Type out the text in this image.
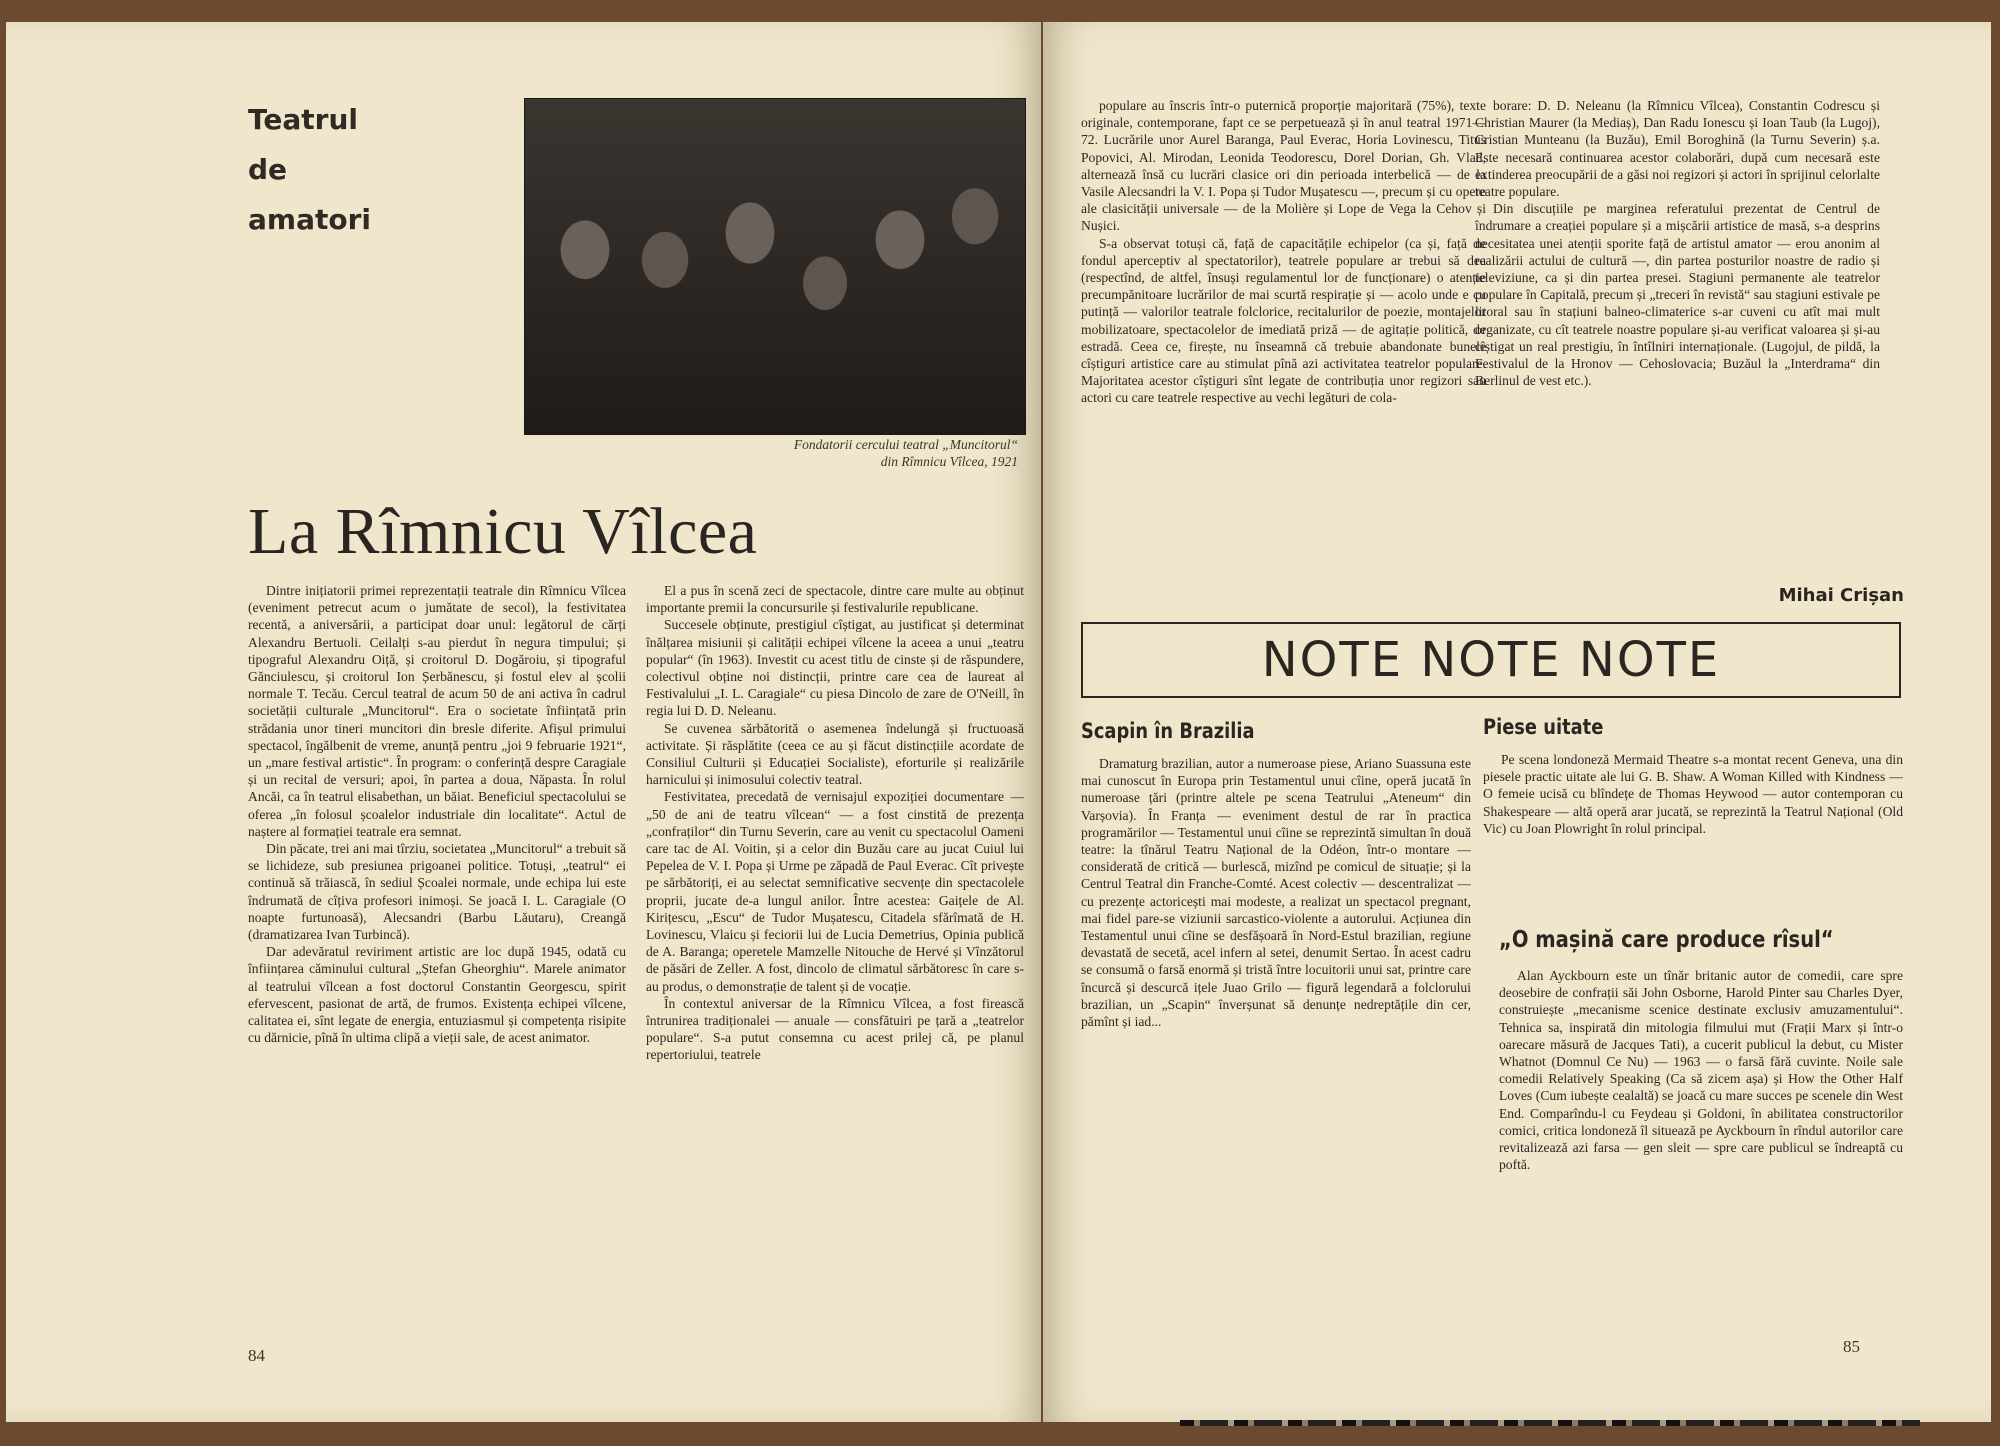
Teatrul
de
amatori
Fondatorii cercului teatral „Muncitorul“
din Rîmnicu Vîlcea, 1921
La Rîmnicu Vîlcea

Dintre inițiatorii primei reprezentații teatrale din Rîmnicu Vîlcea (eveniment petrecut acum o jumătate de secol), la festivitatea recentă, a aniversării, a participat doar unul: legătorul de cărți Alexandru Bertuoli. Ceilalți s-au pierdut în negura timpului; și tipograful Alexandru Oiță, și croitorul D. Dogăroiu, și tipograful Gănciulescu, și croitorul Ion Șerbănescu, și fostul elev al școlii normale T. Tecău. Cercul teatral de acum 50 de ani activa în cadrul societății culturale „Muncitorul“. Era o societate înființată prin strădania unor tineri muncitori din bresle diferite. Afișul primului spectacol, îngălbenit de vreme, anunță pentru „joi 9 februarie 1921“, un „mare festival artistic“. În program: o conferință despre Caragiale și un recital de versuri; apoi, în partea a doua, Năpasta. În rolul Ancăi, ca în teatrul elisabethan, un băiat. Beneficiul spectacolului se oferea „în folosul școalelor industriale din localitate“. Actul de naștere al formației teatrale era semnat.

Din păcate, trei ani mai tîrziu, societatea „Muncitorul“ a trebuit să se lichideze, sub presiunea prigoanei politice. Totuși, „teatrul“ ei continuă să trăiască, în sediul Școalei normale, unde echipa lui este îndrumată de cîțiva profesori inimoși. Se joacă I. L. Caragiale (O noapte furtunoasă), Alecsandri (Barbu Lăutaru), Creangă (dramatizarea Ivan Turbincă).

Dar adevăratul reviriment artistic are loc după 1945, odată cu înființarea căminului cultural „Ștefan Gheorghiu“. Marele animator al teatrului vîlcean a fost doctorul Constantin Georgescu, spirit efervescent, pasionat de artă, de frumos. Existența echipei vîlcene, calitatea ei, sînt legate de energia, entuziasmul și competența risipite cu dărnicie, pînă în ultima clipă a vieții sale, de acest animator.

El a pus în scenă zeci de spectacole, dintre care multe au obținut importante premii la concursurile și festivalurile republicane.

Succesele obținute, prestigiul cîștigat, au justificat și determinat înălțarea misiunii și calității echipei vîlcene la aceea a unui „teatru popular“ (în 1963). Investit cu acest titlu de cinste și de răspundere, colectivul obține noi distincții, printre care cea de laureat al Festivalului „I. L. Caragiale“ cu piesa Dincolo de zare de O'Neill, în regia lui D. D. Neleanu.

Se cuvenea sărbătorită o asemenea îndelungă și fructuoasă activitate. Și răsplătite (ceea ce au și făcut distincțiile acordate de Consiliul Culturii și Educației Socialiste), eforturile și realizările harnicului și inimosului colectiv teatral.

Festivitatea, precedată de vernisajul expoziției documentare — „50 de ani de teatru vîlcean“ — a fost cinstită de prezența „confraților“ din Turnu Severin, care au venit cu spectacolul Oameni care tac de Al. Voitin, și a celor din Buzău care au jucat Cuiul lui Pepelea de V. I. Popa și Urme pe zăpadă de Paul Everac. Cît privește pe sărbătoriți, ei au selectat semnificative secvențe din spectacolele proprii, jucate de-a lungul anilor. Între acestea: Gaițele de Al. Kirițescu, „Escu“ de Tudor Mușatescu, Citadela sfărîmată de H. Lovinescu, Vlaicu și feciorii lui de Lucia Demetrius, Opinia publică de A. Baranga; operetele Mamzelle Nitouche de Hervé și Vînzătorul de păsări de Zeller. A fost, dincolo de climatul sărbătoresc în care s-au produs, o demonstrație de talent și de vocație.

În contextul aniversar de la Rîmnicu Vîlcea, a fost firească întrunirea tradiționalei — anuale — consfătuiri pe țară a „teatrelor populare“. S-a putut consemna cu acest prilej că, pe planul repertoriului, teatrele

84

populare au înscris într-o puternică proporție majoritară (75%), texte originale, contemporane, fapt ce se perpetuează și în anul teatral 1971—72. Lucrările unor Aurel Baranga, Paul Everac, Horia Lovinescu, Titus Popovici, Al. Mirodan, Leonida Teodorescu, Dorel Dorian, Gh. Vlad, alternează însă cu lucrări clasice ori din perioada interbelică — de la Vasile Alecsandri la V. I. Popa și Tudor Mușatescu —, precum și cu opere ale clasicității universale — de la Molière și Lope de Vega la Cehov și Nușici.

S-a observat totuși că, față de capacitățile echipelor (ca și, față de fondul aperceptiv al spectatorilor), teatrele populare ar trebui să dea (respectînd, de altfel, însuși regulamentul lor de funcționare) o atenție precumpănitoare lucrărilor de mai scurtă respirație și — acolo unde e cu putință — valorilor teatrale folclorice, recitalurilor de poezie, montajelor mobilizatoare, spectacolelor de imediată priză — de agitație politică, de estradă. Ceea ce, firește, nu înseamnă că trebuie abandonate bunele cîștiguri artistice care au stimulat pînă azi activitatea teatrelor populare. Majoritatea acestor cîștiguri sînt legate de contribuția unor regizori sau actori cu care teatrele respective au vechi legături de cola-

borare: D. D. Neleanu (la Rîmnicu Vîlcea), Constantin Codrescu și Christian Maurer (la Mediaș), Dan Radu Ionescu și Ioan Taub (la Lugoj), Cristian Munteanu (la Buzău), Emil Boroghină (la Turnu Severin) ș.a. Este necesară continuarea acestor colaborări, după cum necesară este extinderea preocupării de a găsi noi regizori și actori în sprijinul celorlalte teatre populare.

Din discuțiile pe marginea referatului prezentat de Centrul de îndrumare a creației populare și a mișcării artistice de masă, s-a desprins necesitatea unei atenții sporite față de artistul amator — erou anonim al realizării actului de cultură —, din partea posturilor noastre de radio și televiziune, ca și din partea presei. Stagiuni permanente ale teatrelor populare în Capitală, precum și „treceri în revistă“ sau stagiuni estivale pe litoral sau în stațiuni balneo-climaterice s-ar cuveni cu atît mai mult organizate, cu cît teatrele noastre populare și-au verificat valoarea și și-au cîștigat un real prestigiu, în întîlniri internaționale. (Lugojul, de pildă, la Festivalul de la Hronov — Cehoslovacia; Buzăul la „Interdrama“ din Berlinul de vest etc.).

Mihai Crișan
NOTE NOTE NOTE
Scapin în Brazilia

Dramaturg brazilian, autor a numeroase piese, Ariano Suassuna este mai cunoscut în Europa prin Testamentul unui cîine, operă jucată în numeroase țări (printre altele pe scena Teatrului „Ateneum“ din Varșovia). În Franța — eveniment destul de rar în practica programărilor — Testamentul unui cîine se reprezintă simultan în două teatre: la tînărul Teatru Național de la Odéon, într-o montare — considerată de critică — burlescă, mizînd pe comicul de situație; și la Centrul Teatral din Franche-Comté. Acest colectiv — descentralizat — cu prezențe actoricești mai modeste, a realizat un spectacol pregnant, mai fidel pare-se viziunii sarcastico-violente a autorului. Acțiunea din Testamentul unui cîine se desfășoară în Nord-Estul brazilian, regiune devastată de secetă, acel infern al setei, denumit Sertao. În acest cadru se consumă o farsă enormă și tristă între locuitorii unui sat, printre care încurcă și descurcă ițele Juao Grilo — figură legendară a folclorului brazilian, un „Scapin“ înverșunat să denunțe nedreptățile din cer, pămînt și iad...

Piese uitate

Pe scena londoneză Mermaid Theatre s-a montat recent Geneva, una din piesele practic uitate ale lui G. B. Shaw. A Woman Killed with Kindness — O femeie ucisă cu blîndețe de Thomas Heywood — autor contemporan cu Shakespeare — altă operă arar jucată, se reprezintă la Teatrul Național (Old Vic) cu Joan Plowright în rolul principal.

„O mașină care produce rîsul“

Alan Ayckbourn este un tînăr britanic autor de comedii, care spre deosebire de confrații săi John Osborne, Harold Pinter sau Charles Dyer, construiește „mecanisme scenice destinate exclusiv amuzamentului“. Tehnica sa, inspirată din mitologia filmului mut (Frații Marx și într-o oarecare măsură de Jacques Tati), a cucerit publicul la debut, cu Mister Whatnot (Domnul Ce Nu) — 1963 — o farsă fără cuvinte. Noile sale comedii Relatively Speaking (Ca să zicem așa) și How the Other Half Loves (Cum iubește cealaltă) se joacă cu mare succes pe scenele din West End. Comparîndu-l cu Feydeau și Goldoni, în abilitatea constructorilor comici, critica londoneză îl situează pe Ayckbourn în rîndul autorilor care revitalizează azi farsa — gen sleit — spre care publicul se îndreaptă cu poftă.

85
